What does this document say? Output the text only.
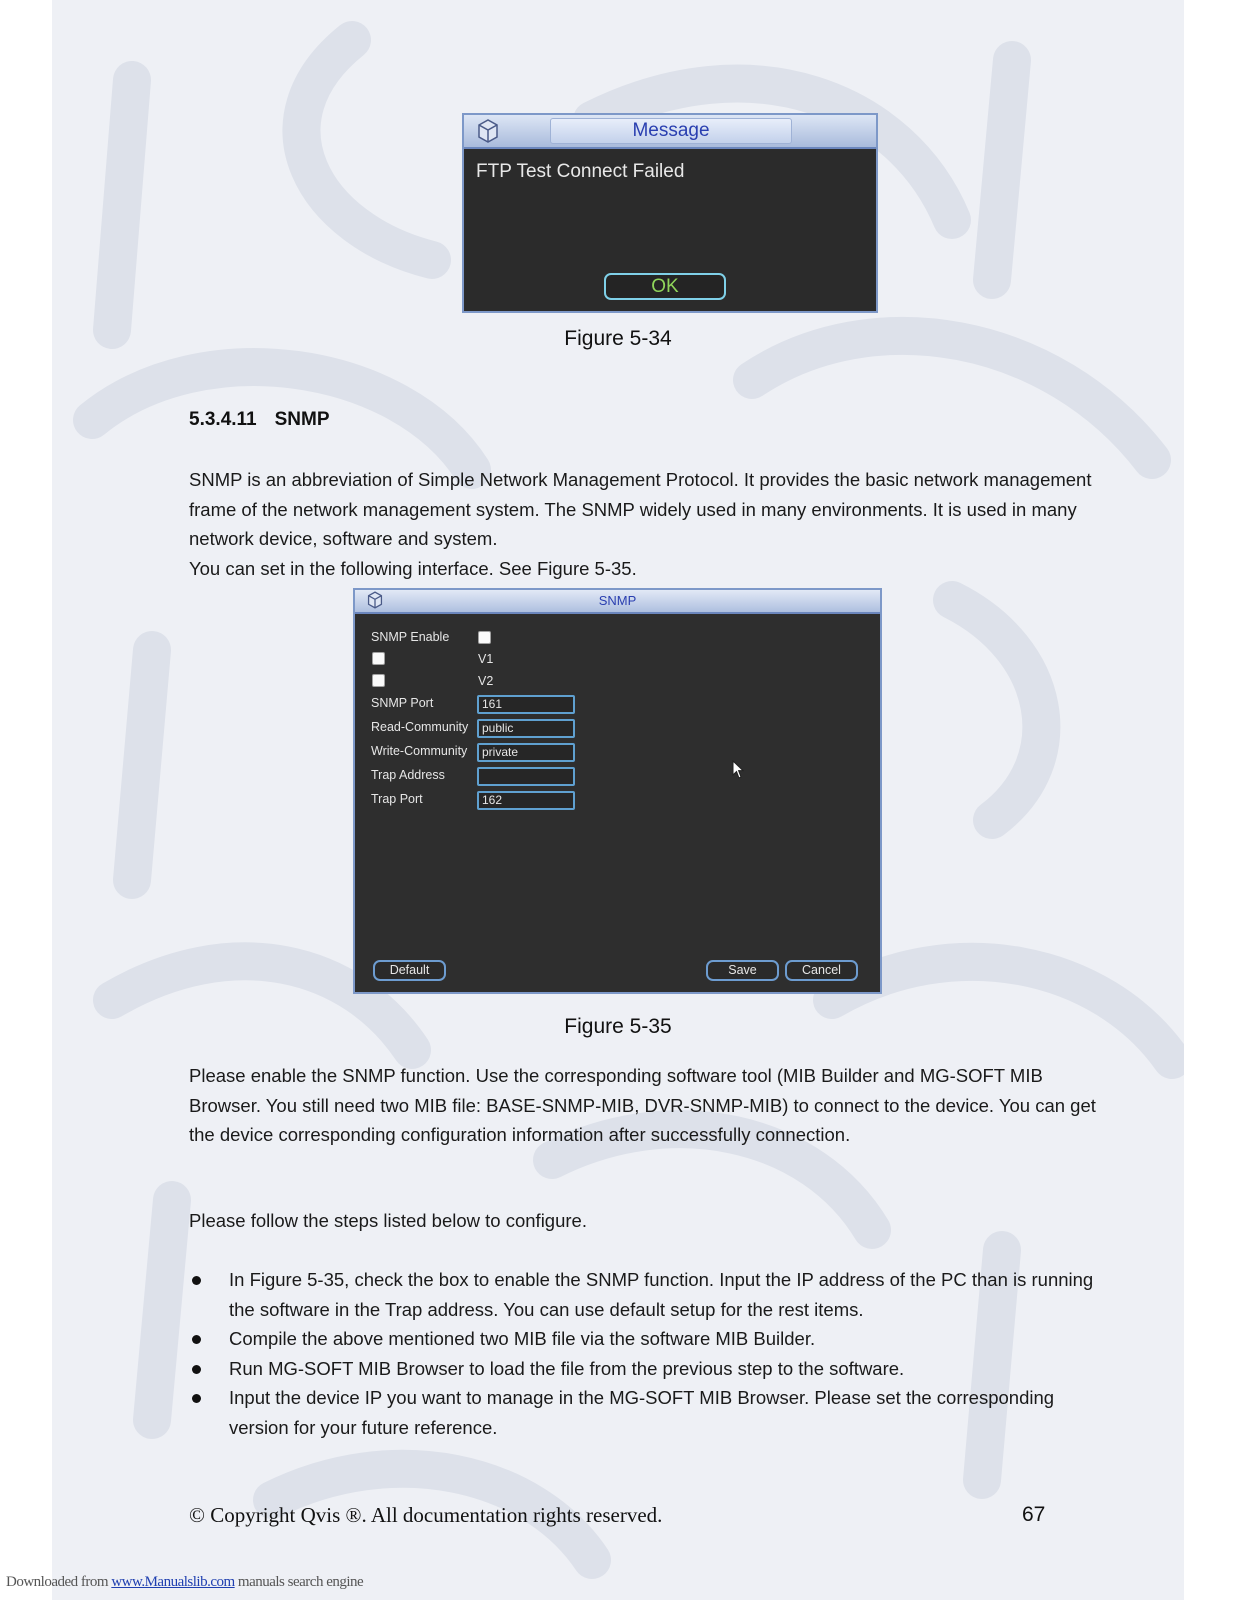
Message
FTP Test Connect Failed
OK
Figure 5-34
5.3.4.11 SNMP

SNMP is an abbreviation of Simple Network Management Protocol. It provides the basic network management frame of the network management system. The SNMP widely used in many environments. It is used in many network device, software and system.

You can set in the following interface. See Figure 5-35.

SNMP
SNMP Enable
V1
V2
SNMP Port	161
Read-Community	public
Write-Community	private
Trap Address
Trap Port	162
Default	Save	Cancel
Figure 5-35

Please enable the SNMP function. Use the corresponding software tool (MIB Builder and MG-SOFT MIB Browser. You still need two MIB file: BASE-SNMP-MIB, DVR-SNMP-MIB) to connect to the device. You can get the device corresponding configuration information after successfully connection.

Please follow the steps listed below to configure.

In Figure 5-35, check the box to enable the SNMP function. Input the IP address of the PC than is running the software in the Trap address. You can use default setup for the rest items.
Compile the above mentioned two MIB file via the software MIB Builder.
Run MG-SOFT MIB Browser to load the file from the previous step to the software.
Input the device IP you want to manage in the MG-SOFT MIB Browser. Please set the corresponding version for your future reference.
© Copyright Qvis ®. All documentation rights reserved.	67
Downloaded from www.Manualslib.com manuals search engine
